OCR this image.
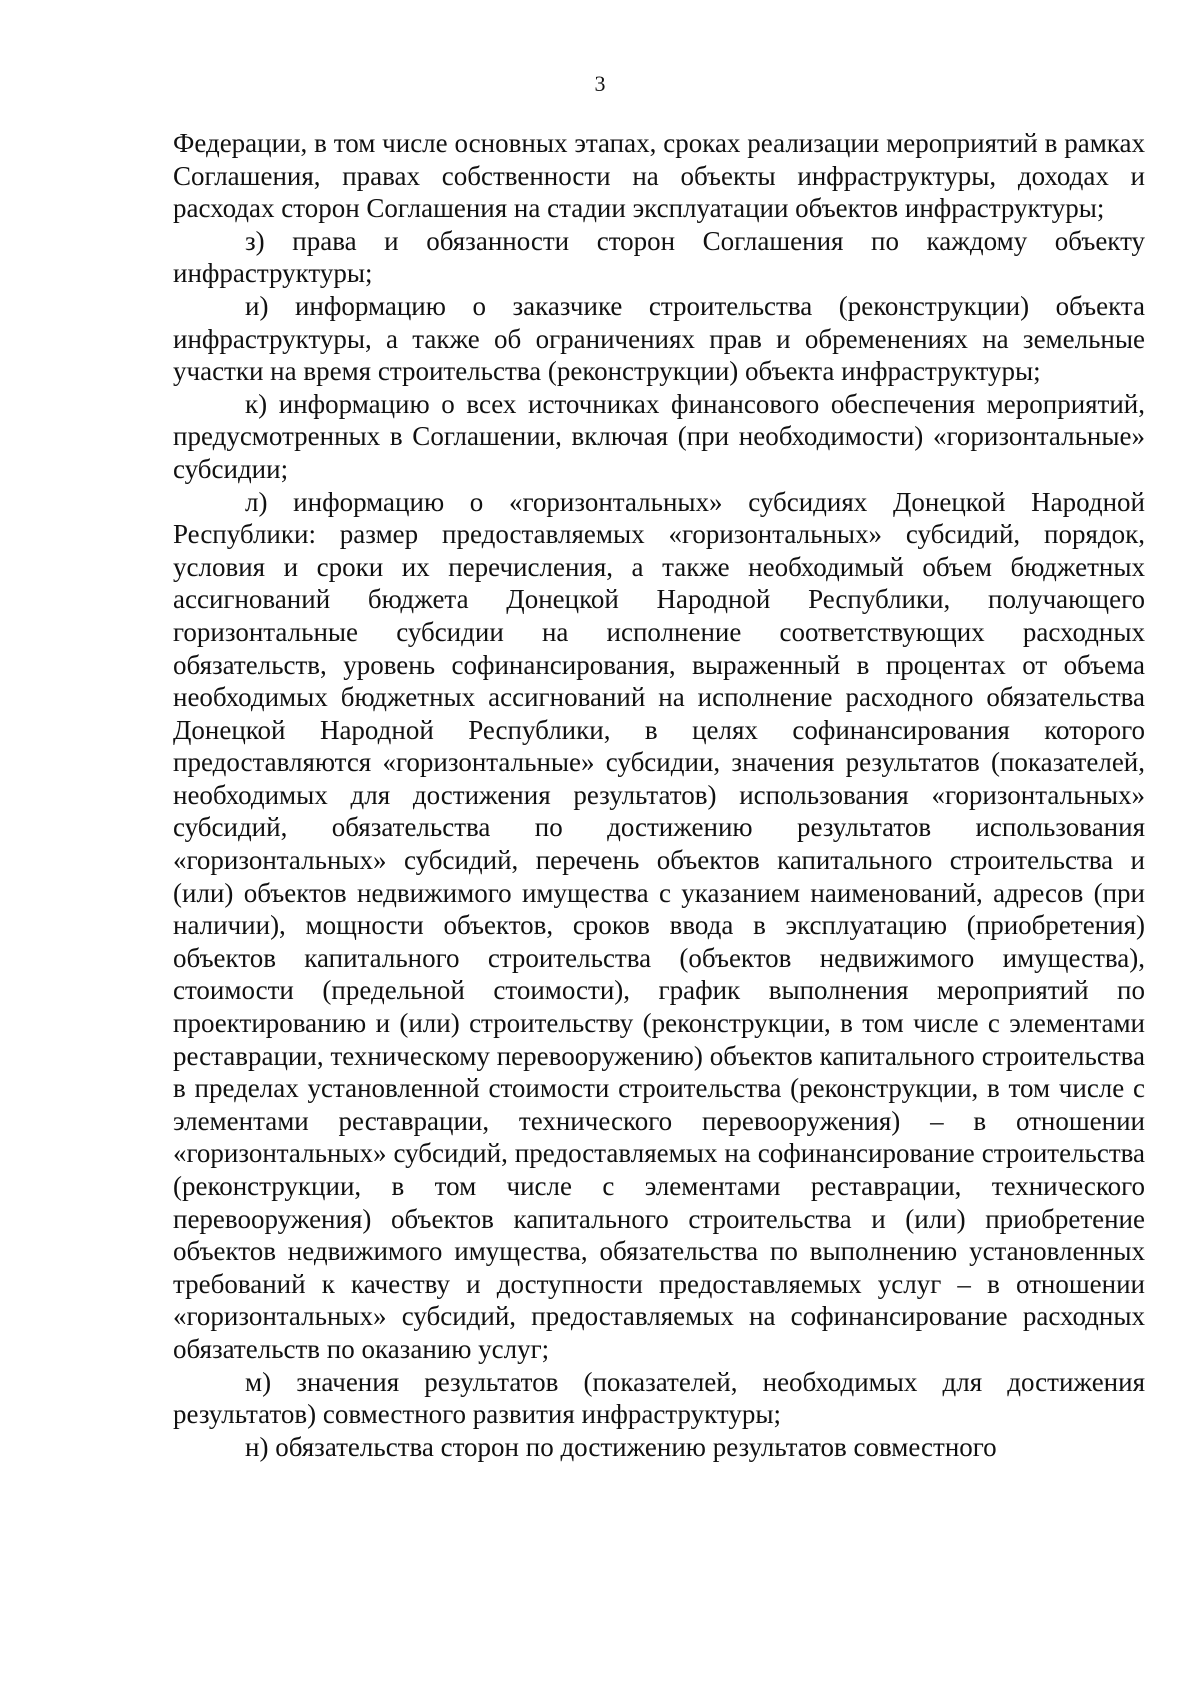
3

Федерации, в том числе основных этапах, сроках реализации мероприятий в рамках Соглашения, правах собственности на объекты инфраструктуры, доходах и расходах сторон Соглашения на стадии эксплуатации объектов инфраструктуры;

з) права и обязанности сторон Соглашения по каждому объекту инфраструктуры;

и) информацию о заказчике строительства (реконструкции) объекта инфраструктуры, а также об ограничениях прав и обременениях на земельные участки на время строительства (реконструкции) объекта инфраструктуры;

к) информацию о всех источниках финансового обеспечения мероприятий, предусмотренных в Соглашении, включая (при необходимости) «горизонтальные» субсидии;

л) информацию о «горизонтальных» субсидиях Донецкой Народной Республики: размер предоставляемых «горизонтальных» субсидий, порядок, условия и сроки их перечисления, а также необходимый объем бюджетных ассигнований бюджета Донецкой Народной Республики, получающего горизонтальные субсидии на исполнение соответствующих расходных обязательств, уровень софинансирования, выраженный в процентах от объема необходимых бюджетных ассигнований на исполнение расходного обязательства Донецкой Народной Республики, в целях софинансирования которого предоставляются «горизонтальные» субсидии, значения результатов (показателей, необходимых для достижения результатов) использования «горизонтальных» субсидий, обязательства по достижению результатов использования «горизонтальных» субсидий, перечень объектов капитального строительства и (или) объектов недвижимого имущества с указанием наименований, адресов (при наличии), мощности объектов, сроков ввода в эксплуатацию (приобретения) объектов капитального строительства (объектов недвижимого имущества), стоимости (предельной стоимости), график выполнения мероприятий по проектированию и (или) строительству (реконструкции, в том числе с элементами реставрации, техническому перевооружению) объектов капитального строительства в пределах установленной стоимости строительства (реконструкции, в том числе с элементами реставрации, технического перевооружения) – в отношении «горизонтальных» субсидий, предоставляемых на софинансирование строительства (реконструкции, в том числе с элементами реставрации, технического перевооружения) объектов капитального строительства и (или) приобретение объектов недвижимого имущества, обязательства по выполнению установленных требований к качеству и доступности предоставляемых услуг – в отношении «горизонтальных» субсидий, предоставляемых на софинансирование расходных обязательств по оказанию услуг;

м) значения результатов (показателей, необходимых для достижения результатов) совместного развития инфраструктуры;

н) обязательства сторон по достижению результатов совместного
